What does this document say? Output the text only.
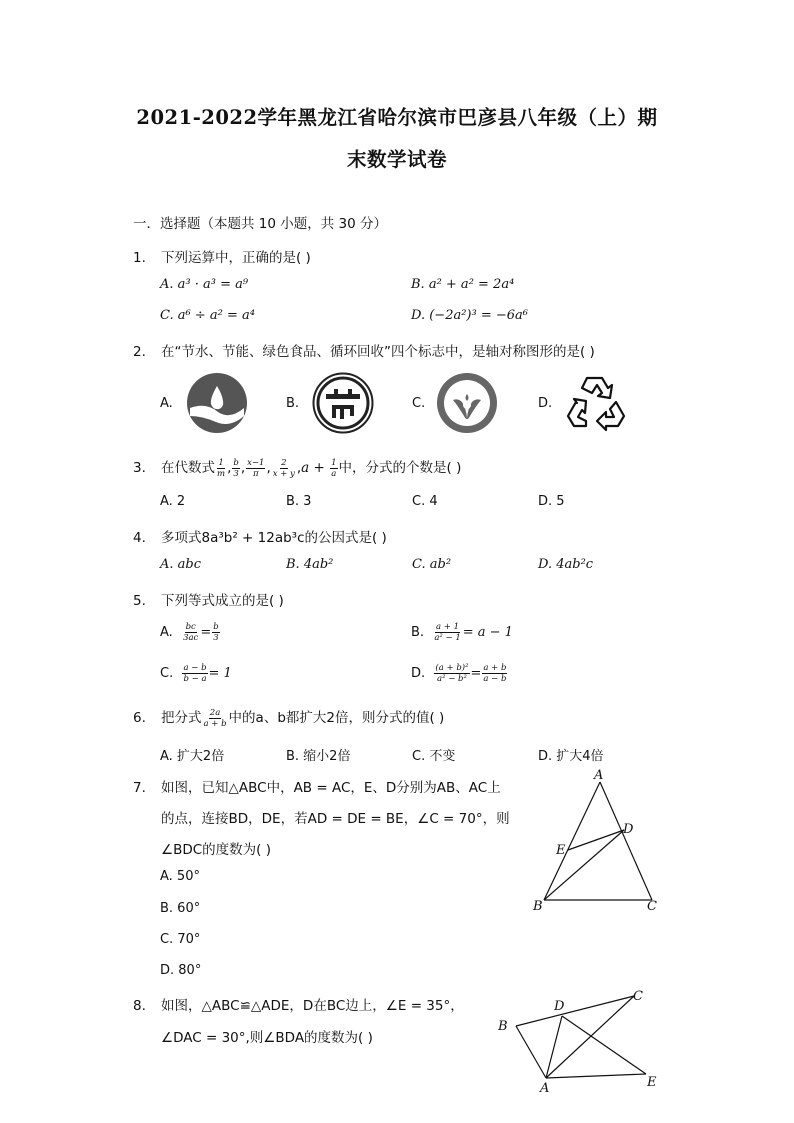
2021-2022学年黑龙江省哈尔滨市巴彦县八年级（上）期
末数学试卷
一．选择题（本题共 10 小题，共 30 分）
1. 下列运算中，正确的是( )
A. a³ · a³ = a⁹	B. a² + a² = 2a⁴
C. a⁶ ÷ a² = a⁴	D. (−2a²)³ = −6a⁶
2. 在“节水、节能、绿色食品、循环回收”四个标志中，是轴对称图形的是( )
A.	B.	C.	D.
3. 在代数式 $\frac{1}{m}$ , $\frac{b}{3}$ , $\frac{x-1}{\pi}$ , $\frac{2}{x + y} ,a + \frac{1}{a}$ 中，分式的个数是( )
A. 2	B. 3	C. 4	D. 5
4. 多项式8a³b² + 12ab³c的公因式是( )
A. abc	B. 4ab²	C. ab²	D. 4ab²c
5. 下列等式成立的是( )
A. $\frac{bc}{3ac} = \frac{b}{3}$	B. $\frac{a + 1}{\text{a² − 1}} = a - 1$
C. $\frac{a - b}{b - a} = 1$	D. $\frac{\text{(a + b)²}}{\text{a² − b²}} = \frac{a + b}{a - b}$
6. 把分式 $\frac{2a}{a + b}$ 中的a、b都扩大2倍，则分式的值( )
A. 扩大2倍	B. 缩小2倍	C. 不变	D. 扩大4倍
7. 如图，已知△ABC中，AB = AC，E、D分别为AB、AC上
的点，连接BD，DE，若AD = DE = BE，∠C = 70°，则
∠BDC的度数为( )
A. 50°
B. 60°
C. 70°
D. 80°
A
B	C
D
E
8. 如图，△ABC≌△ADE，D在BC边上，∠E = 35°，
∠DAC = 30°,则∠BDA的度数为( )
B
D
C
A	E
